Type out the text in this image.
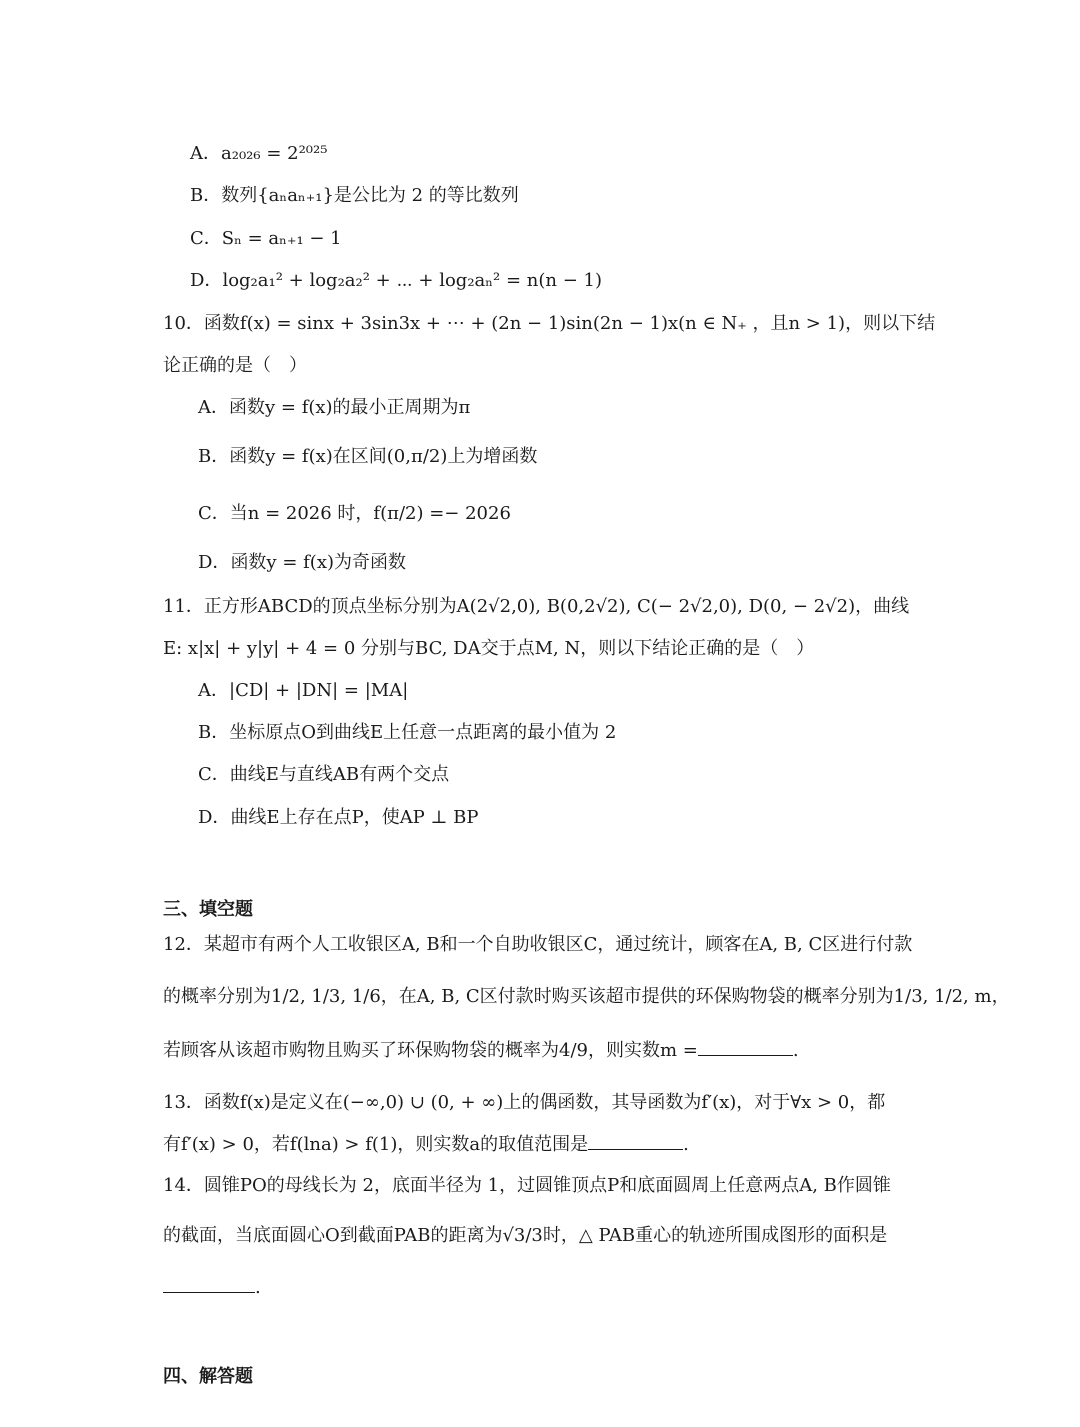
A．a₂₀₂₆ = 2²⁰²⁵
B．数列{aₙaₙ₊₁}是公比为 2 的等比数列
C．Sₙ = aₙ₊₁ − 1
D．log₂a₁² + log₂a₂² + ⋯ + log₂aₙ² = n(n − 1)
10．函数f(x) = sinx + 3sin3x + ⋯ + (2n − 1)sin(2n − 1)x(n ∈ N₊ ，且n > 1)，则以下结
论正确的是（　）
A．函数y = f(x)的最小正周期为π
B．函数y = f(x)在区间(0,π/2)上为增函数
C．当n = 2026 时，f(π/2) =− 2026
D．函数y = f(x)为奇函数
11．正方形ABCD的顶点坐标分别为A(2√2,0), B(0,2√2), C(− 2√2,0), D(0, − 2√2)，曲线
E: x|x| + y|y| + 4 = 0 分别与BC, DA交于点M, N，则以下结论正确的是（　）
A．|CD| + |DN| = |MA|
B．坐标原点O到曲线E上任意一点距离的最小值为 2
C．曲线E与直线AB有两个交点
D．曲线E上存在点P，使AP ⊥ BP
三、填空题
12．某超市有两个人工收银区A, B和一个自助收银区C，通过统计，顾客在A, B, C区进行付款
的概率分别为1/2, 1/3, 1/6，在A, B, C区付款时购买该超市提供的环保购物袋的概率分别为1/3, 1/2, m，
若顾客从该超市购物且购买了环保购物袋的概率为4/9，则实数m =	.
13．函数f(x)是定义在(−∞,0) ∪ (0, + ∞)上的偶函数，其导函数为f′(x)，对于∀x > 0，都
有f′(x) > 0，若f(lna) > f(1)，则实数a的取值范围是	.
14．圆锥PO的母线长为 2，底面半径为 1，过圆锥顶点P和底面圆周上任意两点A, B作圆锥
的截面，当底面圆心O到截面PAB的距离为√3/3时，△ PAB重心的轨迹所围成图形的面积是
.
四、解答题
